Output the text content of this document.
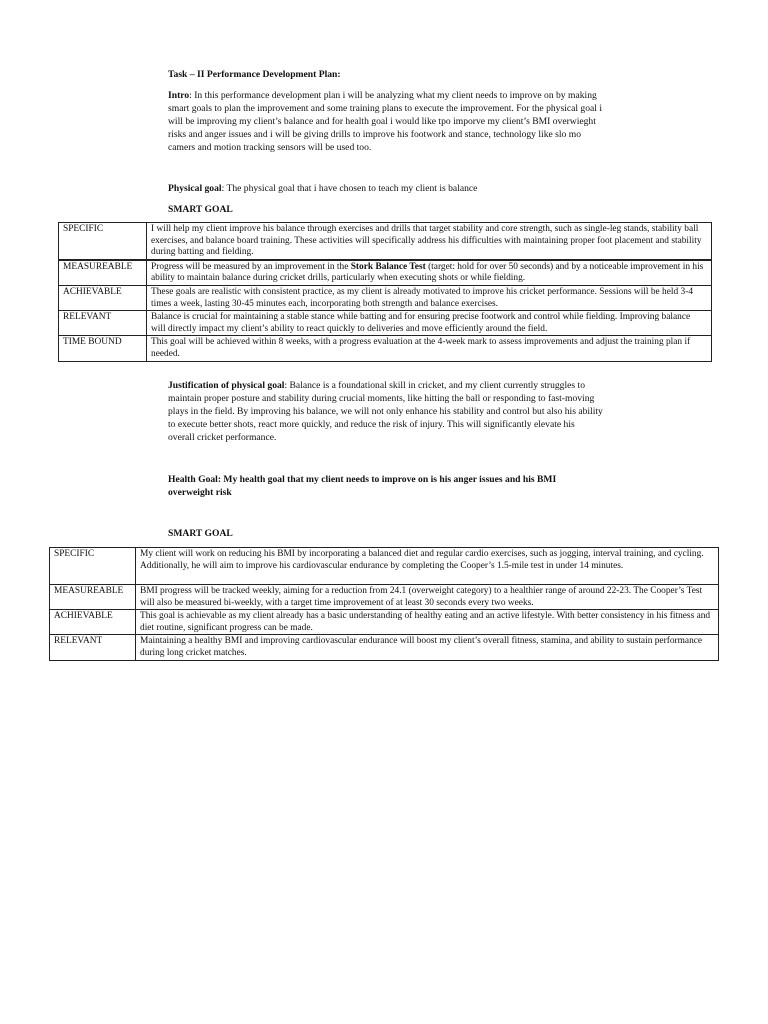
Task – II Performance Development Plan:
Intro: In this performance development plan i will be analyzing what my client needs to improve on by making smart goals to plan the improvement and some training plans to execute the improvement. For the physical goal i will be improving my client’s balance and for health goal i would like tpo imporve my client’s BMI overwieght risks and anger issues and i will be giving drills to improve his footwork and stance, technology like slo mo camers and motion tracking sensors will be used too.
Physical goal: The physical goal that i have chosen to teach my client is balance
SMART GOAL
SPECIFIC	I will help my client improve his balance through exercises and drills that target stability and core strength, such as single-leg stands, stability ball exercises, and balance board training. These activities will specifically address his difficulties with maintaining proper foot placement and stability during batting and fielding.
MEASUREABLE	Progress will be measured by an improvement in the Stork Balance Test (target: hold for over 50 seconds) and by a noticeable improvement in his ability to maintain balance during cricket drills, particularly when executing shots or while fielding.
ACHIEVABLE	These goals are realistic with consistent practice, as my client is already motivated to improve his cricket performance. Sessions will be held 3-4 times a week, lasting 30-45 minutes each, incorporating both strength and balance exercises.
RELEVANT	Balance is crucial for maintaining a stable stance while batting and for ensuring precise footwork and control while fielding. Improving balance will directly impact my client’s ability to react quickly to deliveries and move efficiently around the field.
TIME BOUND	This goal will be achieved within 8 weeks, with a progress evaluation at the 4-week mark to assess improvements and adjust the training plan if needed.
Justification of physical goal: Balance is a foundational skill in cricket, and my client currently struggles to maintain proper posture and stability during crucial moments, like hitting the ball or responding to fast-moving plays in the field. By improving his balance, we will not only enhance his stability and control but also his ability to execute better shots, react more quickly, and reduce the risk of injury. This will significantly elevate his overall cricket performance.
Health Goal: My health goal that my client needs to improve on is his anger issues and his BMI overweight risk
SMART GOAL
SPECIFIC	My client will work on reducing his BMI by incorporating a balanced diet and regular cardio exercises, such as jogging, interval training, and cycling. Additionally, he will aim to improve his cardiovascular endurance by completing the Cooper’s 1.5-mile test in under 14 minutes.
MEASUREABLE	BMI progress will be tracked weekly, aiming for a reduction from 24.1 (overweight category) to a healthier range of around 22-23. The Cooper’s Test will also be measured bi-weekly, with a target time improvement of at least 30 seconds every two weeks.
ACHIEVABLE	This goal is achievable as my client already has a basic understanding of healthy eating and an active lifestyle. With better consistency in his fitness and diet routine, significant progress can be made.
RELEVANT	Maintaining a healthy BMI and improving cardiovascular endurance will boost my client’s overall fitness, stamina, and ability to sustain performance during long cricket matches.
